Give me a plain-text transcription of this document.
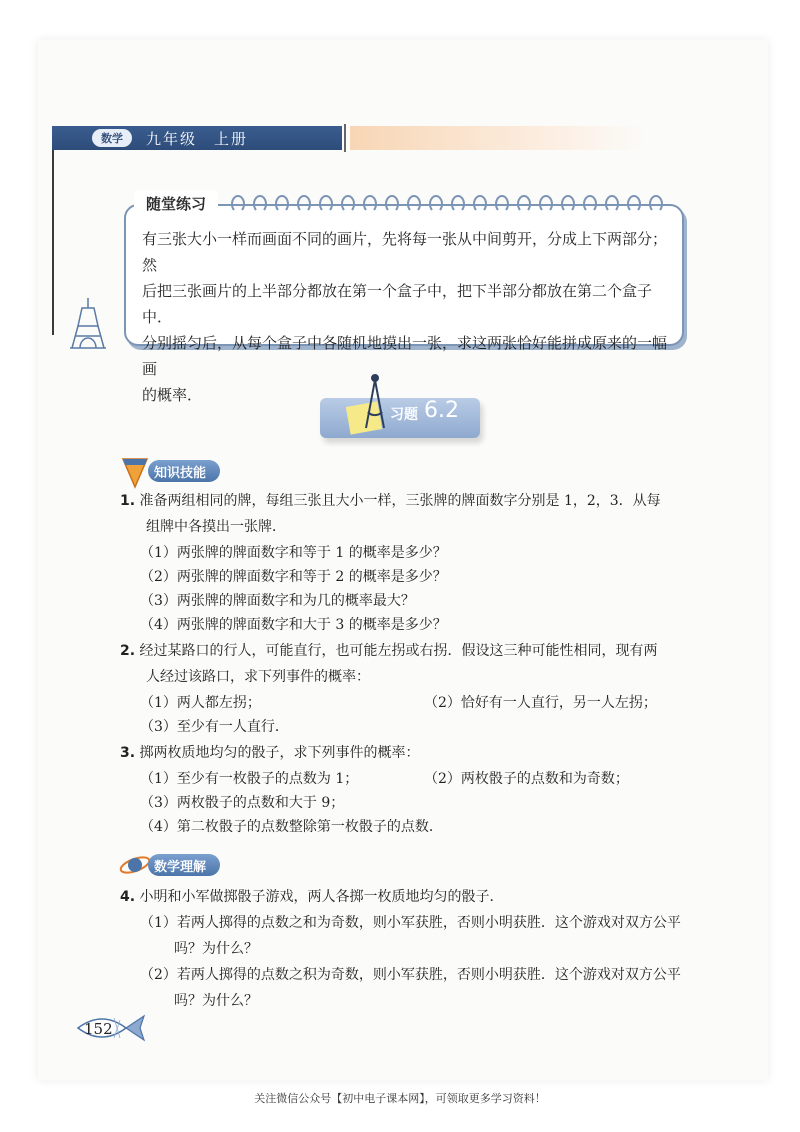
数学	九年级　上册
随堂练习
有三张大小一样而画面不同的画片，先将每一张从中间剪开，分成上下两部分；然
后把三张画片的上半部分都放在第一个盒子中，把下半部分都放在第二个盒子中．
分别摇匀后，从每个盒子中各随机地摸出一张，求这两张恰好能拼成原来的一幅画
的概率．
习题 6.2
知识技能
1. 准备两组相同的牌，每组三张且大小一样，三张牌的牌面数字分别是 1，2，3．从每
组牌中各摸出一张牌．
（1）两张牌的牌面数字和等于 1 的概率是多少？
（2）两张牌的牌面数字和等于 2 的概率是多少？
（3）两张牌的牌面数字和为几的概率最大？
（4）两张牌的牌面数字和大于 3 的概率是多少？
2. 经过某路口的行人，可能直行，也可能左拐或右拐．假设这三种可能性相同，现有两
人经过该路口，求下列事件的概率：
（1）两人都左拐；	（2）恰好有一人直行，另一人左拐；
（3）至少有一人直行．
3. 掷两枚质地均匀的骰子，求下列事件的概率：
（1）至少有一枚骰子的点数为 1；	（2）两枚骰子的点数和为奇数；
（3）两枚骰子的点数和大于 9；
（4）第二枚骰子的点数整除第一枚骰子的点数．
数学理解
4. 小明和小军做掷骰子游戏，两人各掷一枚质地均匀的骰子．
（1）若两人掷得的点数之和为奇数，则小军获胜，否则小明获胜．这个游戏对双方公平
吗？为什么？
（2）若两人掷得的点数之积为奇数，则小军获胜，否则小明获胜．这个游戏对双方公平
吗？为什么？
152
关注微信公众号【初中电子课本网】，可领取更多学习资料！
